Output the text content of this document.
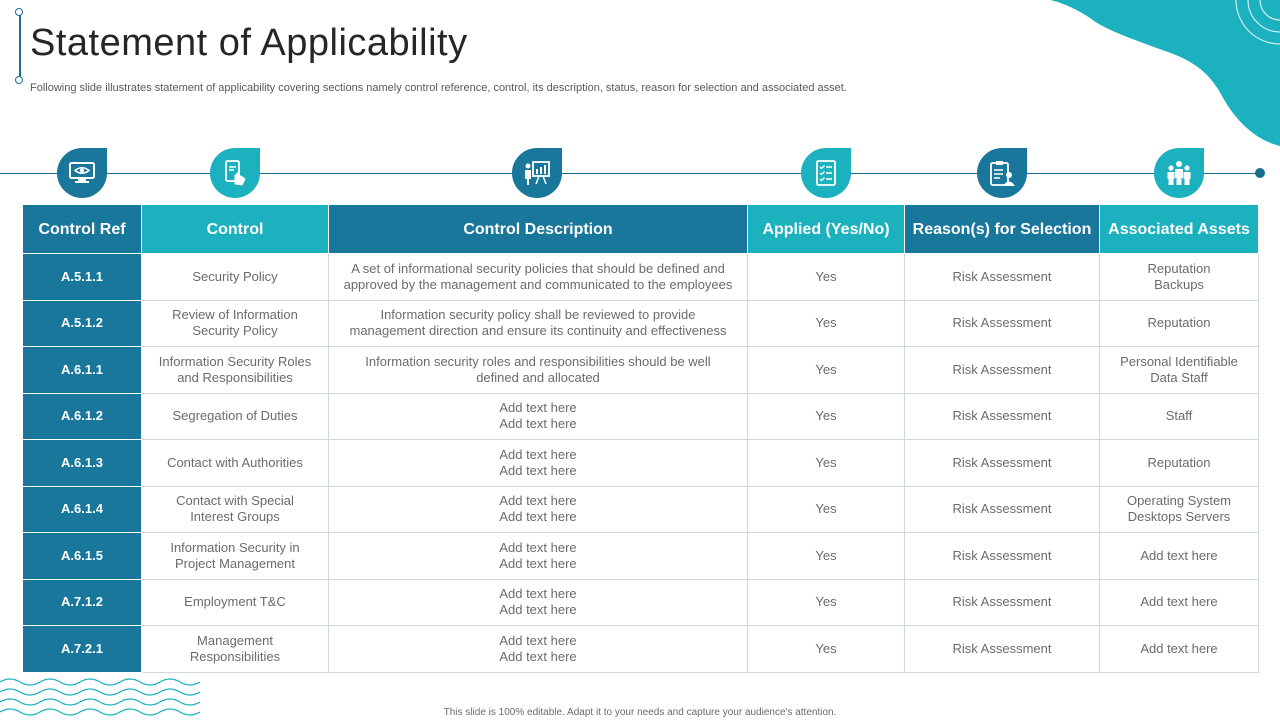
Statement of Applicability
Following slide illustrates statement of applicability covering sections namely control reference, control, its description, status, reason for selection and associated asset.
Control Ref	Control	Control Description	Applied (Yes/No)	Reason(s) for Selection	Associated Assets
A.5.1.1	Security Policy	A set of informational security policies that should be defined and approved by the management and communicated to the employees	Yes	Risk Assessment	Reputation
Backups
A.5.1.2	Review of Information
Security Policy	Information security policy shall be reviewed to provide
management direction and ensure its continuity and effectiveness	Yes	Risk Assessment	Reputation
A.6.1.1	Information Security Roles
and Responsibilities	Information security roles and responsibilities should be well
defined and allocated	Yes	Risk Assessment	Personal Identifiable
Data Staff
A.6.1.2	Segregation of Duties	Add text here
Add text here	Yes	Risk Assessment	Staff
A.6.1.3	Contact with Authorities	Add text here
Add text here	Yes	Risk Assessment	Reputation
A.6.1.4	Contact with Special
Interest Groups	Add text here
Add text here	Yes	Risk Assessment	Operating System
Desktops Servers
A.6.1.5	Information Security in
Project Management	Add text here
Add text here	Yes	Risk Assessment	Add text here
A.7.1.2	Employment T&C	Add text here
Add text here	Yes	Risk Assessment	Add text here
A.7.2.1	Management
Responsibilities	Add text here
Add text here	Yes	Risk Assessment	Add text here
This slide is 100% editable. Adapt it to your needs and capture your audience's attention.
